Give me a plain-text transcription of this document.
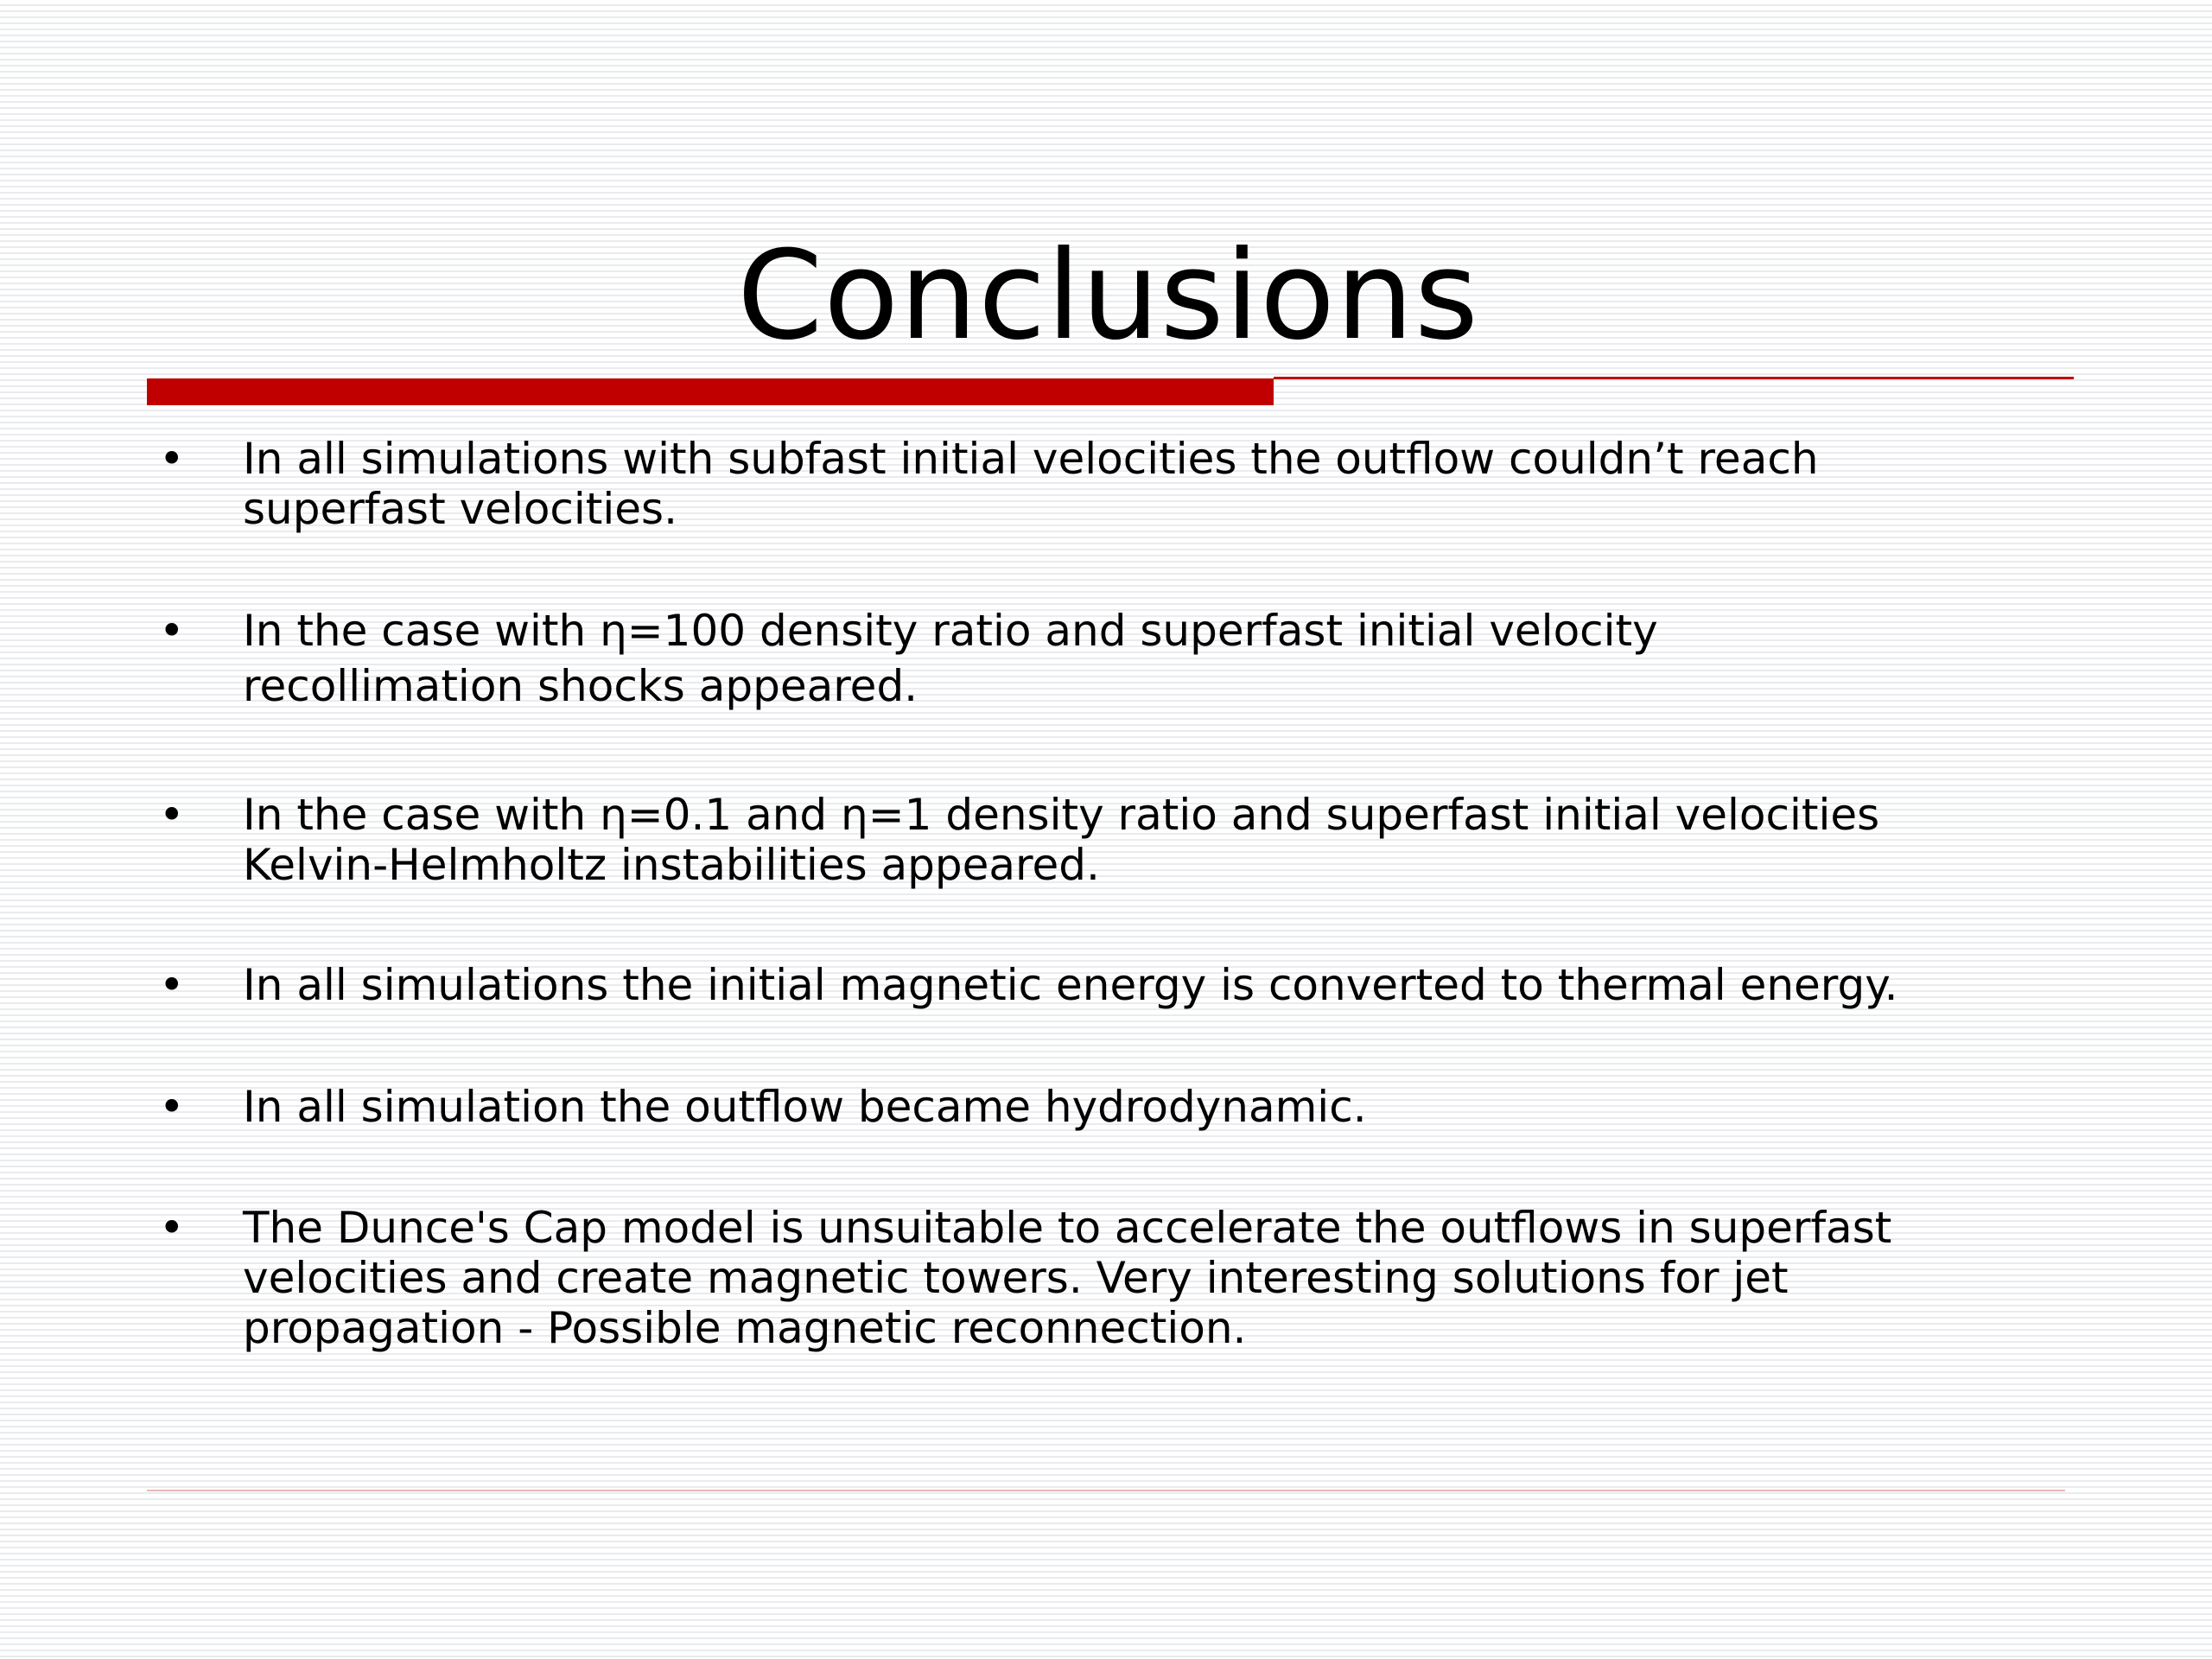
Conclusions
• In all simulations with subfast initial velocities the outflow couldn’t reach
superfast velocities.
• In the case with η=100 density ratio and superfast initial velocity
recollimation shocks appeared.
• In the case with η=0.1 and η=1 density ratio and superfast initial velocities
Kelvin-Helmholtz instabilities appeared.
• In all simulations the initial magnetic energy is converted to thermal energy.
• In all simulation the outflow became hydrodynamic.
• The Dunce's Cap model is unsuitable to accelerate the outflows in superfast
velocities and create magnetic towers. Very interesting solutions for jet
propagation - Possible magnetic reconnection.
